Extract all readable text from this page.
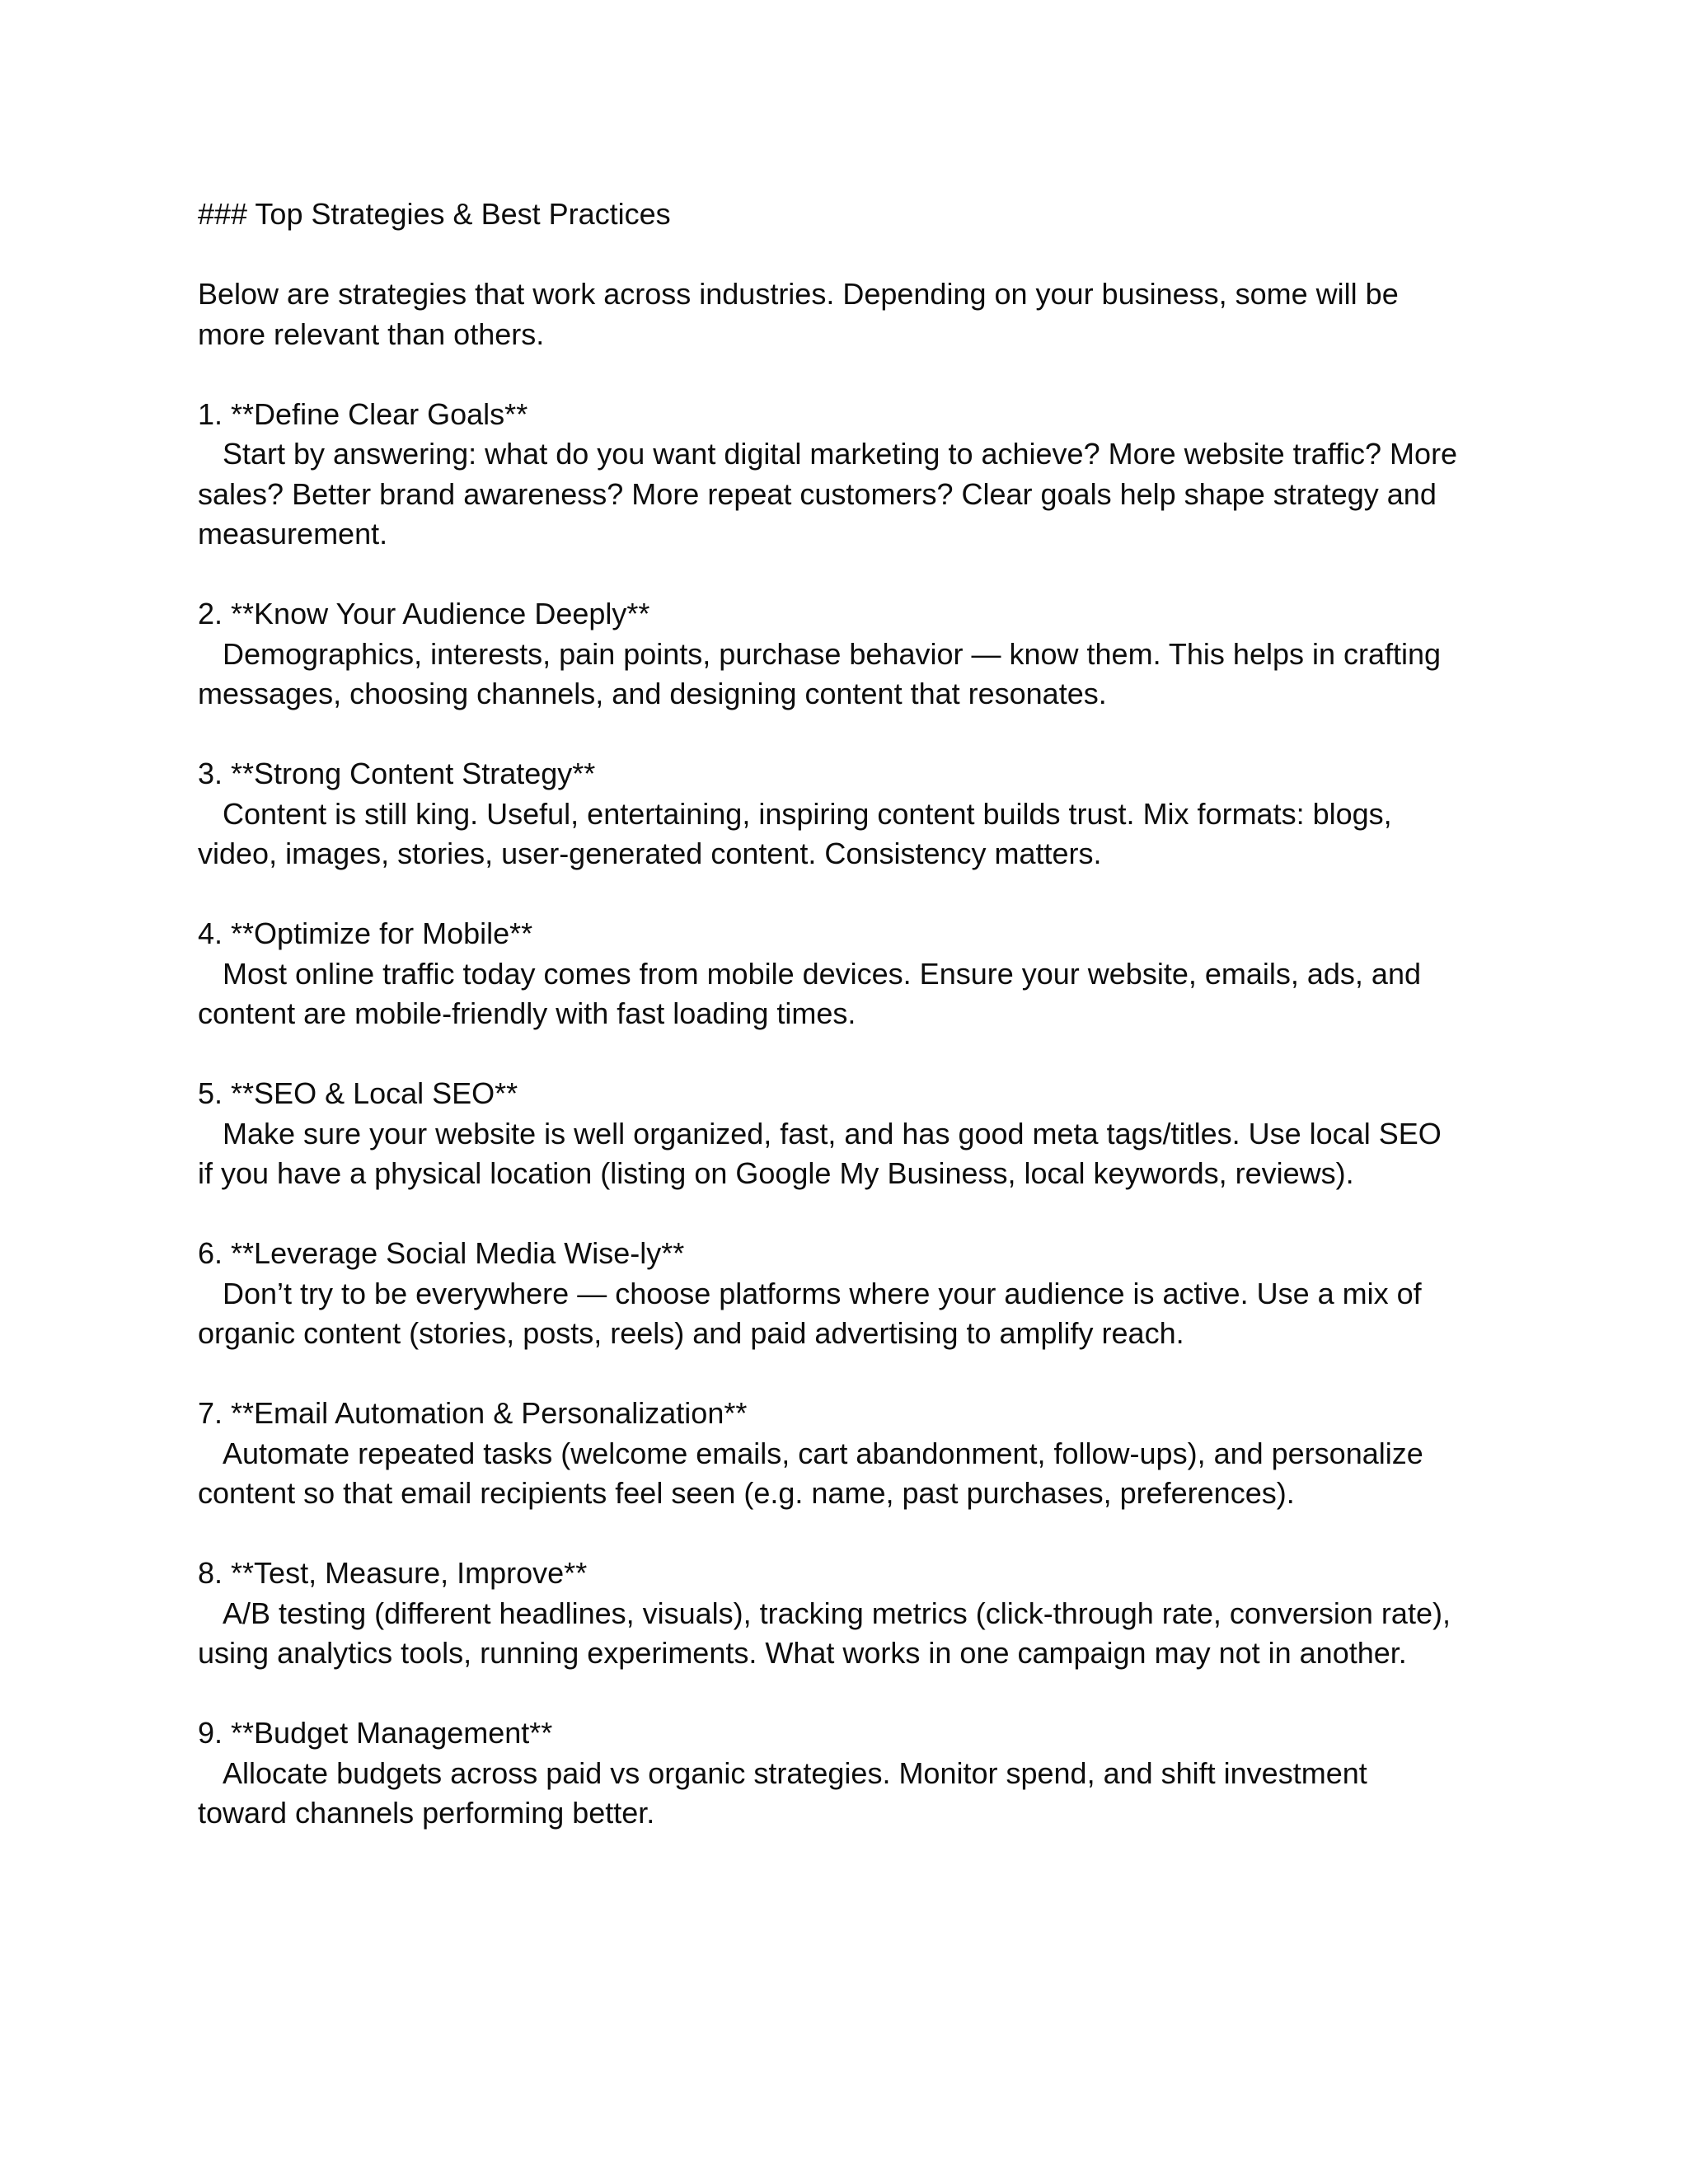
### Top Strategies & Best Practices
Below are strategies that work across industries. Depending on your business, some will be
more relevant than others.
1. **Define Clear Goals**
Start by answering: what do you want digital marketing to achieve? More website traffic? More
sales? Better brand awareness? More repeat customers? Clear goals help shape strategy and
measurement.
2. **Know Your Audience Deeply**
Demographics, interests, pain points, purchase behavior — know them. This helps in crafting
messages, choosing channels, and designing content that resonates.
3. **Strong Content Strategy**
Content is still king. Useful, entertaining, inspiring content builds trust. Mix formats: blogs,
video, images, stories, user-generated content. Consistency matters.
4. **Optimize for Mobile**
Most online traffic today comes from mobile devices. Ensure your website, emails, ads, and
content are mobile-friendly with fast loading times.
5. **SEO & Local SEO**
Make sure your website is well organized, fast, and has good meta tags/titles. Use local SEO
if you have a physical location (listing on Google My Business, local keywords, reviews).
6. **Leverage Social Media Wise-ly**
Don’t try to be everywhere — choose platforms where your audience is active. Use a mix of
organic content (stories, posts, reels) and paid advertising to amplify reach.
7. **Email Automation & Personalization**
Automate repeated tasks (welcome emails, cart abandonment, follow-ups), and personalize
content so that email recipients feel seen (e.g. name, past purchases, preferences).
8. **Test, Measure, Improve**
A/B testing (different headlines, visuals), tracking metrics (click-through rate, conversion rate),
using analytics tools, running experiments. What works in one campaign may not in another.
9. **Budget Management**
Allocate budgets across paid vs organic strategies. Monitor spend, and shift investment
toward channels performing better.
